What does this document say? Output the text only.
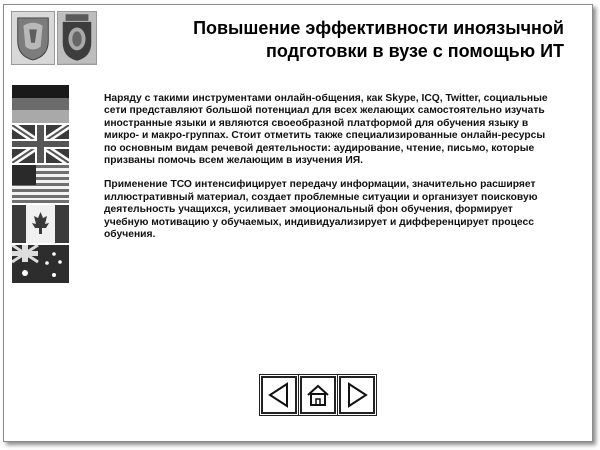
Повышение эффективности иноязычной подготовки в вузе с помощью ИТ

Наряду с такими инструментами онлайн-общения, как Skype, ICQ, Twitter, социальные сети представляют большой потенциал для всех желающих самостоятельно изучать иностранные языки и являются своеобразной платформой для обучения языку в микро- и макро-группах. Стоит отметить также специализированные онлайн-ресурсы по основным видам речевой деятельности: аудирование, чтение, письмо, которые призваны помочь всем желающим в изучения ИЯ.

Применение ТСО интенсифицирует передачу информации, значительно расширяет иллюстративный материал, создает проблемные ситуации и организует поисковую деятельность учащихся, усиливает эмоциональный фон обучения, формирует учебную мотивацию у обучаемых, индивидуализирует и дифференцирует процесс обучения.
